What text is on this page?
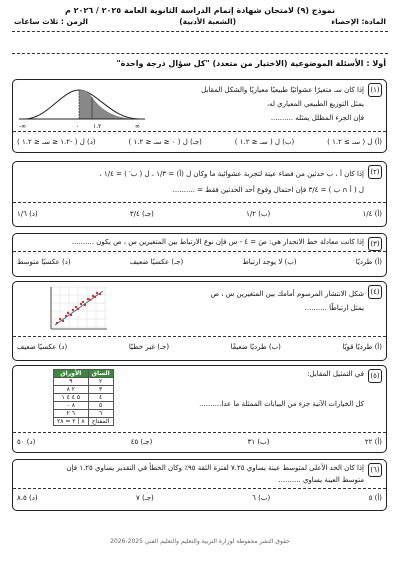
نموذج (٩) لامتحان شهادة إتمام الدراسة الثانوية العامة ٢٠٢٥ / ٢٠٢٦ م
المادة: الإحصاء
(الشعبة الأدبية)
الزمن : ثلاث ساعات
أولا : الأسئلة الموضوعية (الاختيار من متعدد) "كل سؤال درجة واحدة"
(١)
إذا كان سـ متغيرًا عشوائيًا طبيعيًا معياريًا والشكل المقابل
يمثل التوزيع الطبيعي المعياري له،
فإن الجزء المظلل يمثله ..........
-∞	١.٢
٠	∞
(أ) ل ( سـ ≥ ١.٢ )
(ب) ل ( سـ ≤ ١.٢ )
(جـ) ل ( ٠ ≤ سـ ≤ ١.٢ )
(د) ل ( -١.٢ ≤ سـ ≤ ١.٢ )
(٢)
إذا كان أ ، ب حدثين من فضاء عينة لتجربة عشوائية ما وكان ل (أ) = ١/٣ ، ل ( ب′ ) = ١/٤ ،
ل ( أ ∩ ب ) = ٣/٤ فإن احتمال وقوع أحد الحدثين فقط = ..........
(أ) ١/٤
(ب) ١/٢
(جـ) ٣/٤
(د) ١/٦
(٣)
إذا كانت معادلة خط الانحدار هي: صَ = ٤ - س فإن نوع الارتباط بين المتغيرين س ، ص يكون ..........
(أ) طرديًا
(ب) لا يوجد ارتباط
(جـ) عكسيًا ضعيف
(د) عكسيًا متوسط
(٤)
شكل الانتشار المرسوم أمامك بين المتغيرين س ، ص
يمثل ارتباطًا ..........
(أ) طرديًا قويًا
(ب) طرديًا ضعيفًا
(جـ) غير خطيًا
(د) عكسيًا ضعيف
(٥)
في التمثيل المقابل:
كل الخيارات الآتية جزء من البيانات الممثلة ما عدا..........
الساق	الأوراق
٢	٩
٣	٢ ٨
٤	٥ ٤ ٤ ١
٥	٨ ٠
٦	٦ ٢
المفتاح	٨ | ٢ = ٢٨
(أ) ٢٢
(ب) ٣١
(جـ) ٤٥
(د) ٥٠
(٦)
إذا كان الحد الأعلى لمتوسط عينة يساوي ٧.٢٥ لفترة الثقة ٩٥٪ وكان الخطأ في التقدير يساوي ١.٢٥ فإن
متوسط العينة يساوي ..........
(أ) ٥
(ب) ٦
(جـ) ٧
(د) ٨.٥
حقوق النشر محفوظة لوزارة التربية والتعليم والتعليم الفني 2025-2026
